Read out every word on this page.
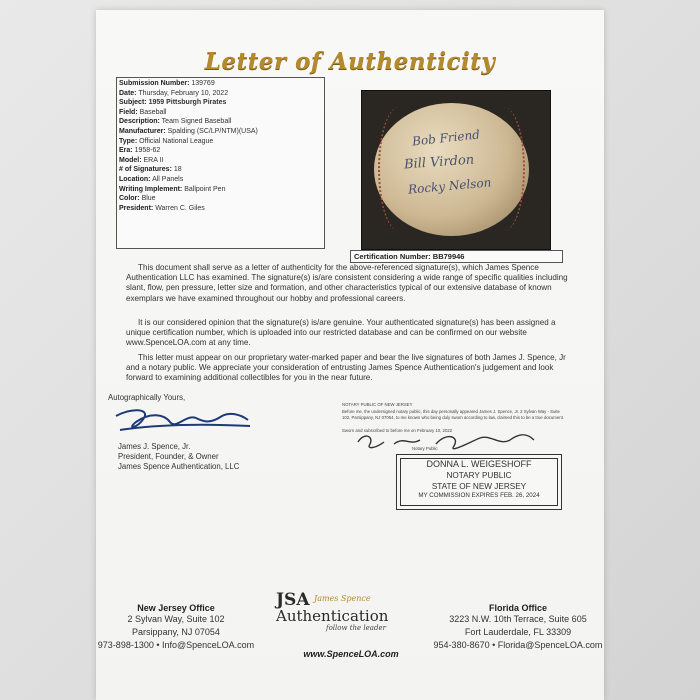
Letter of Authenticity
Submission Number: 139769
Date: Thursday, February 10, 2022
Subject: 1959 Pittsburgh Pirates
Field: Baseball
Description: Team Signed Baseball
Manufacturer: Spalding (SC/LP/NTM)(USA)
Type: Official National League
Era: 1958-62
Model: ERA II
# of Signatures: 18
Location: All Panels
Writing Implement: Ballpoint Pen
Color: Blue
President: Warren C. Giles
Bob Friend
Bill Virdon
Rocky Nelson
Certification Number: BB79946

This document shall serve as a letter of authenticity for the above-referenced signature(s), which James Spence Authentication LLC has examined. The signature(s) is/are consistent considering a wide range of specific qualities including slant, flow, pen pressure, letter size and formation, and other characteristics typical of our extensive database of known exemplars we have examined throughout our hobby and professional careers.

It is our considered opinion that the signature(s) is/are genuine. Your authenticated signature(s) has been assigned a unique certification number, which is uploaded into our restricted database and can be confirmed on our website www.SpenceLOA.com at any time.

This letter must appear on our proprietary water-marked paper and bear the live signatures of both James J. Spence, Jr and a notary public. We appreciate your consideration of entrusting James Spence Authentication's judgement and look forward to examining additional collectibles for you in the near future.

Autographically Yours,
James J. Spence, Jr.
President, Founder, & Owner
James Spence Authentication, LLC
NOTARY PUBLIC OF NEW JERSEY
Before me, the undersigned notary public, this day personally appeared James J. Spence, Jr. 2 Sylvan Way - Suite 102, Parsippany, NJ 07054, to me known who being duly sworn according to law, claimed this to be a true document.
Sworn and subscribed to before me on February 10, 2022
Notary Public
DONNA L. WEIGESHOFF
NOTARY PUBLIC
STATE OF NEW JERSEY
MY COMMISSION EXPIRES FEB. 26, 2024
New Jersey Office
2 Sylvan Way, Suite 102
Parsippany, NJ 07054
973-898-1300 • Info@SpenceLOA.com
JSA James Spence
Authentication
follow the leader
www.SpenceLOA.com
Florida Office
3223 N.W. 10th Terrace, Suite 605
Fort Lauderdale, FL 33309
954-380-8670 • Florida@SpenceLOA.com
